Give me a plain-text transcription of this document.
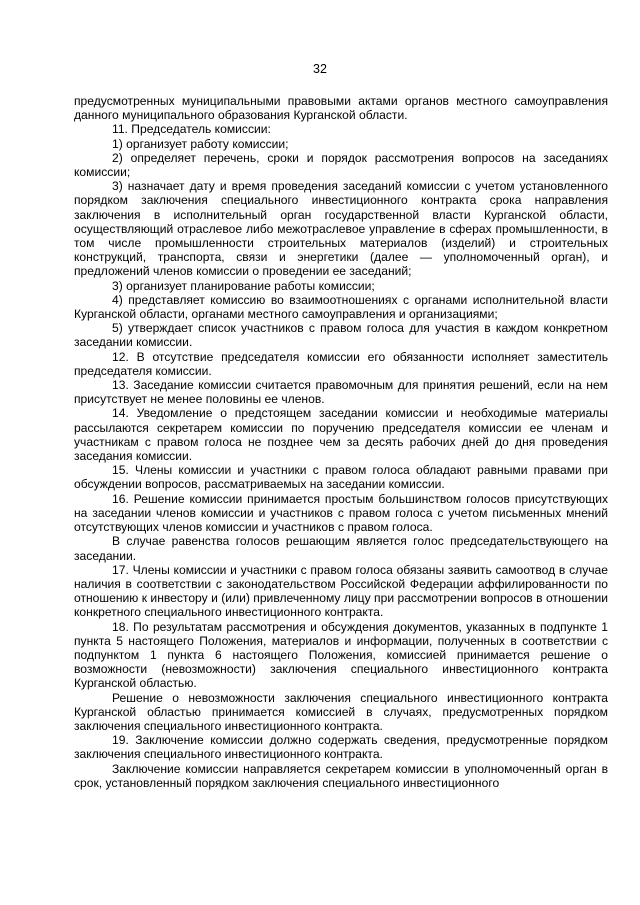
32

предусмотренных муниципальными правовыми актами органов местного самоуправления данного муниципального образования Курганской области.

11. Председатель комиссии:

1) организует работу комиссии;

2) определяет перечень, сроки и порядок рассмотрения вопросов на заседаниях комиссии;

3) назначает дату и время проведения заседаний комиссии с учетом установленного порядком заключения специального инвестиционного контракта срока направления заключения в исполнительный орган государственной власти Курганской области, осуществляющий отраслевое либо межотраслевое управление в сферах промышленности, в том числе промышленности строительных материалов (изделий) и строительных конструкций, транспорта, связи и энергетики (далее — уполномоченный орган), и предложений членов комиссии о проведении ее заседаний;

3) организует планирование работы комиссии;

4) представляет комиссию во взаимоотношениях с органами исполнительной власти Курганской области, органами местного самоуправления и организациями;

5) утверждает список участников с правом голоса для участия в каждом конкретном заседании комиссии.

12. В отсутствие председателя комиссии его обязанности исполняет заместитель председателя комиссии.

13. Заседание комиссии считается правомочным для принятия решений, если на нем присутствует не менее половины ее членов.

14. Уведомление о предстоящем заседании комиссии и необходимые материалы рассылаются секретарем комиссии по поручению председателя комиссии ее членам и участникам с правом голоса не позднее чем за десять рабочих дней до дня проведения заседания комиссии.

15. Члены комиссии и участники с правом голоса обладают равными правами при обсуждении вопросов, рассматриваемых на заседании комиссии.

16. Решение комиссии принимается простым большинством голосов присутствующих на заседании членов комиссии и участников с правом голоса с учетом письменных мнений отсутствующих членов комиссии и участников с правом голоса.

В случае равенства голосов решающим является голос председательствующего на заседании.

17. Члены комиссии и участники с правом голоса обязаны заявить самоотвод в случае наличия в соответствии с законодательством Российской Федерации аффилированности по отношению к инвестору и (или) привлеченному лицу при рассмотрении вопросов в отношении конкретного специального инвестиционного контракта.

18. По результатам рассмотрения и обсуждения документов, указанных в подпункте 1 пункта 5 настоящего Положения, материалов и информации, полученных в соответствии с подпунктом 1 пункта 6 настоящего Положения, комиссией принимается решение о возможности (невозможности) заключения специального инвестиционного контракта Курганской областью.

Решение о невозможности заключения специального инвестиционного контракта Курганской областью принимается комиссией в случаях, предусмотренных порядком заключения специального инвестиционного контракта.

19. Заключение комиссии должно содержать сведения, предусмотренные порядком заключения специального инвестиционного контракта.

Заключение комиссии направляется секретарем комиссии в уполномоченный орган в срок, установленный порядком заключения специального инвестиционного
